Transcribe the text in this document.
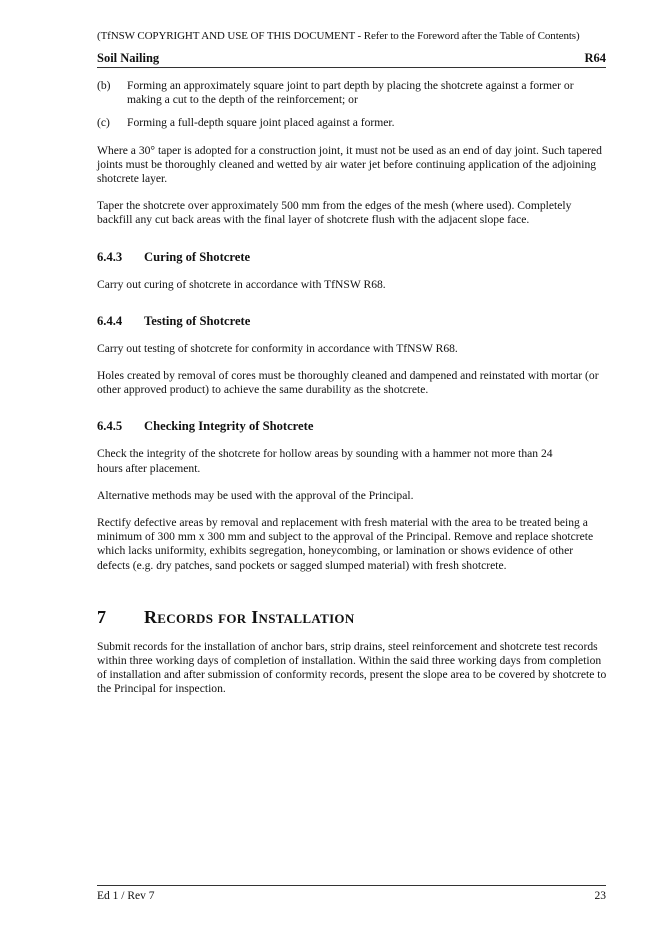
(TfNSW COPYRIGHT AND USE OF THIS DOCUMENT - Refer to the Foreword after the Table of Contents)
Soil Nailing	R64
(b)	Forming an approximately square joint to part depth by placing the shotcrete against a former or making a cut to the depth of the reinforcement; or
(c)	Forming a full-depth square joint placed against a former.

Where a 30° taper is adopted for a construction joint, it must not be used as an end of day joint. Such tapered joints must be thoroughly cleaned and wetted by air water jet before continuing application of the adjoining shotcrete layer.

Taper the shotcrete over approximately 500 mm from the edges of the mesh (where used). Completely backfill any cut back areas with the final layer of shotcrete flush with the adjacent slope face.

6.4.3	Curing of Shotcrete

Carry out curing of shotcrete in accordance with TfNSW R68.

6.4.4	Testing of Shotcrete

Carry out testing of shotcrete for conformity in accordance with TfNSW R68.

Holes created by removal of cores must be thoroughly cleaned and dampened and reinstated with mortar (or other approved product) to achieve the same durability as the shotcrete.

6.4.5	Checking Integrity of Shotcrete

Check the integrity of the shotcrete for hollow areas by sounding with a hammer not more than 24 hours after placement.

Alternative methods may be used with the approval of the Principal.

Rectify defective areas by removal and replacement with fresh material with the area to be treated being a minimum of 300 mm x 300 mm and subject to the approval of the Principal. Remove and replace shotcrete which lacks uniformity, exhibits segregation, honeycombing, or lamination or shows evidence of other defects (e.g. dry patches, sand pockets or sagged slumped material) with fresh shotcrete.

7	Records for Installation

Submit records for the installation of anchor bars, strip drains, steel reinforcement and shotcrete test records within three working days of completion of installation. Within the said three working days from completion of installation and after submission of conformity records, present the slope area to be covered by shotcrete to the Principal for inspection.

Ed 1 / Rev 7	23
